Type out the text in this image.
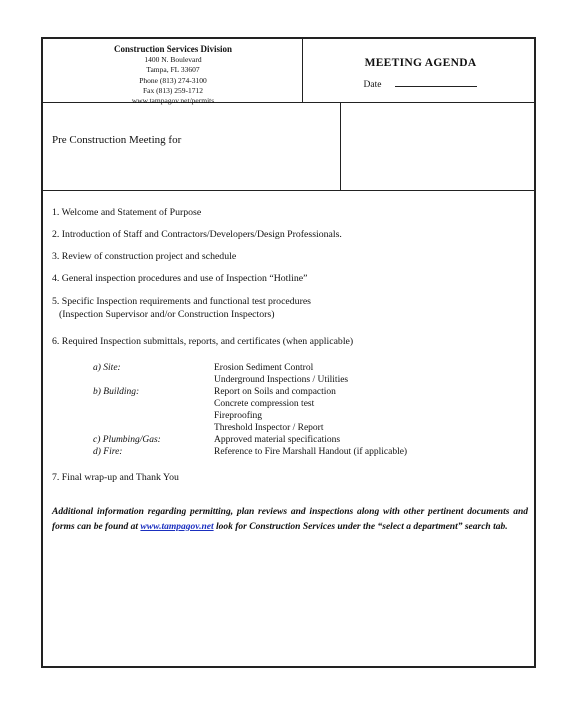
Construction Services Division
1400 N. Boulevard
Tampa, FL 33607
Phone (813) 274-3100
Fax (813) 259-1712
www.tampagov.net/permits
MEETING AGENDA
Date
Pre Construction Meeting for
1. Welcome and Statement of Purpose
2. Introduction of Staff and Contractors/Developers/Design Professionals.
3. Review of construction project and schedule
4. General inspection procedures and use of Inspection “Hotline”
5. Specific Inspection requirements and functional test procedures
(Inspection Supervisor and/or Construction Inspectors)
6. Required Inspection submittals, reports, and certificates (when applicable)
a) Site:	Erosion Sediment Control
Underground Inspections / Utilities
b) Building:	Report on Soils and compaction
Concrete compression test
Fireproofing
Threshold Inspector / Report
c) Plumbing/Gas:	Approved material specifications
d) Fire:	Reference to Fire Marshall Handout (if applicable)
7. Final wrap-up and Thank You
Additional information regarding permitting, plan reviews and inspections along with other pertinent documents and forms can be found at www.tampagov.net look for Construction Services under the “select a department” search tab.
